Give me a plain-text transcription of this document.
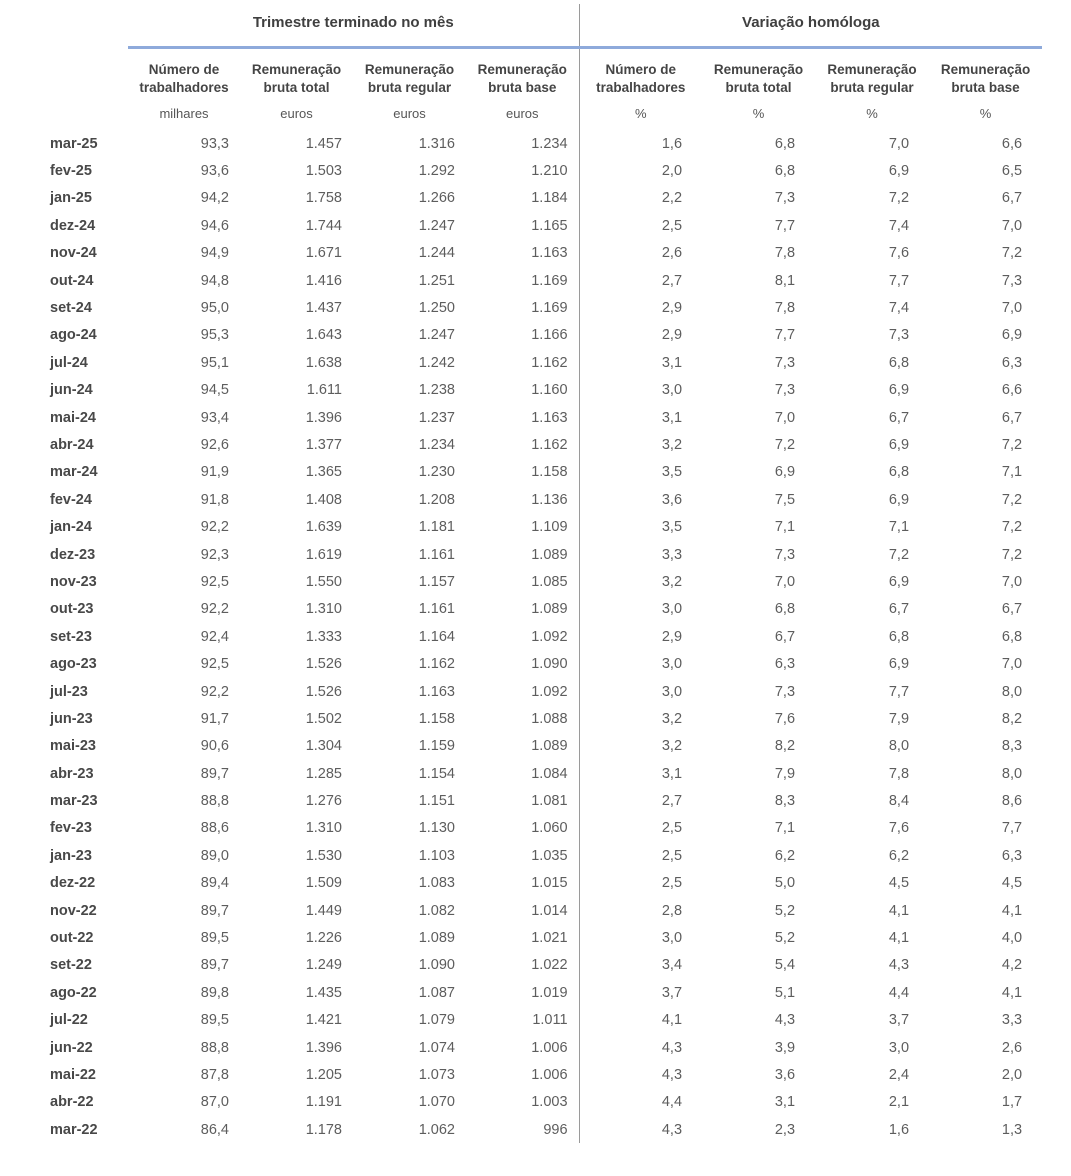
	Trimestre terminado no mês				Variação homóloga			
	Número de trabalhadores	Remuneração bruta total	Remuneração bruta regular	Remuneração bruta base	Número de trabalhadores	Remuneração bruta total	Remuneração bruta regular	Remuneração bruta base
	milhares	euros	euros	euros	%	%	%	%
mar-25	93,3	1.457	1.316	1.234	1,6	6,8	7,0	6,6
fev-25	93,6	1.503	1.292	1.210	2,0	6,8	6,9	6,5
jan-25	94,2	1.758	1.266	1.184	2,2	7,3	7,2	6,7
dez-24	94,6	1.744	1.247	1.165	2,5	7,7	7,4	7,0
nov-24	94,9	1.671	1.244	1.163	2,6	7,8	7,6	7,2
out-24	94,8	1.416	1.251	1.169	2,7	8,1	7,7	7,3
set-24	95,0	1.437	1.250	1.169	2,9	7,8	7,4	7,0
ago-24	95,3	1.643	1.247	1.166	2,9	7,7	7,3	6,9
jul-24	95,1	1.638	1.242	1.162	3,1	7,3	6,8	6,3
jun-24	94,5	1.611	1.238	1.160	3,0	7,3	6,9	6,6
mai-24	93,4	1.396	1.237	1.163	3,1	7,0	6,7	6,7
abr-24	92,6	1.377	1.234	1.162	3,2	7,2	6,9	7,2
mar-24	91,9	1.365	1.230	1.158	3,5	6,9	6,8	7,1
fev-24	91,8	1.408	1.208	1.136	3,6	7,5	6,9	7,2
jan-24	92,2	1.639	1.181	1.109	3,5	7,1	7,1	7,2
dez-23	92,3	1.619	1.161	1.089	3,3	7,3	7,2	7,2
nov-23	92,5	1.550	1.157	1.085	3,2	7,0	6,9	7,0
out-23	92,2	1.310	1.161	1.089	3,0	6,8	6,7	6,7
set-23	92,4	1.333	1.164	1.092	2,9	6,7	6,8	6,8
ago-23	92,5	1.526	1.162	1.090	3,0	6,3	6,9	7,0
jul-23	92,2	1.526	1.163	1.092	3,0	7,3	7,7	8,0
jun-23	91,7	1.502	1.158	1.088	3,2	7,6	7,9	8,2
mai-23	90,6	1.304	1.159	1.089	3,2	8,2	8,0	8,3
abr-23	89,7	1.285	1.154	1.084	3,1	7,9	7,8	8,0
mar-23	88,8	1.276	1.151	1.081	2,7	8,3	8,4	8,6
fev-23	88,6	1.310	1.130	1.060	2,5	7,1	7,6	7,7
jan-23	89,0	1.530	1.103	1.035	2,5	6,2	6,2	6,3
dez-22	89,4	1.509	1.083	1.015	2,5	5,0	4,5	4,5
nov-22	89,7	1.449	1.082	1.014	2,8	5,2	4,1	4,1
out-22	89,5	1.226	1.089	1.021	3,0	5,2	4,1	4,0
set-22	89,7	1.249	1.090	1.022	3,4	5,4	4,3	4,2
ago-22	89,8	1.435	1.087	1.019	3,7	5,1	4,4	4,1
jul-22	89,5	1.421	1.079	1.011	4,1	4,3	3,7	3,3
jun-22	88,8	1.396	1.074	1.006	4,3	3,9	3,0	2,6
mai-22	87,8	1.205	1.073	1.006	4,3	3,6	2,4	2,0
abr-22	87,0	1.191	1.070	1.003	4,4	3,1	2,1	1,7
mar-22	86,4	1.178	1.062	996	4,3	2,3	1,6	1,3
